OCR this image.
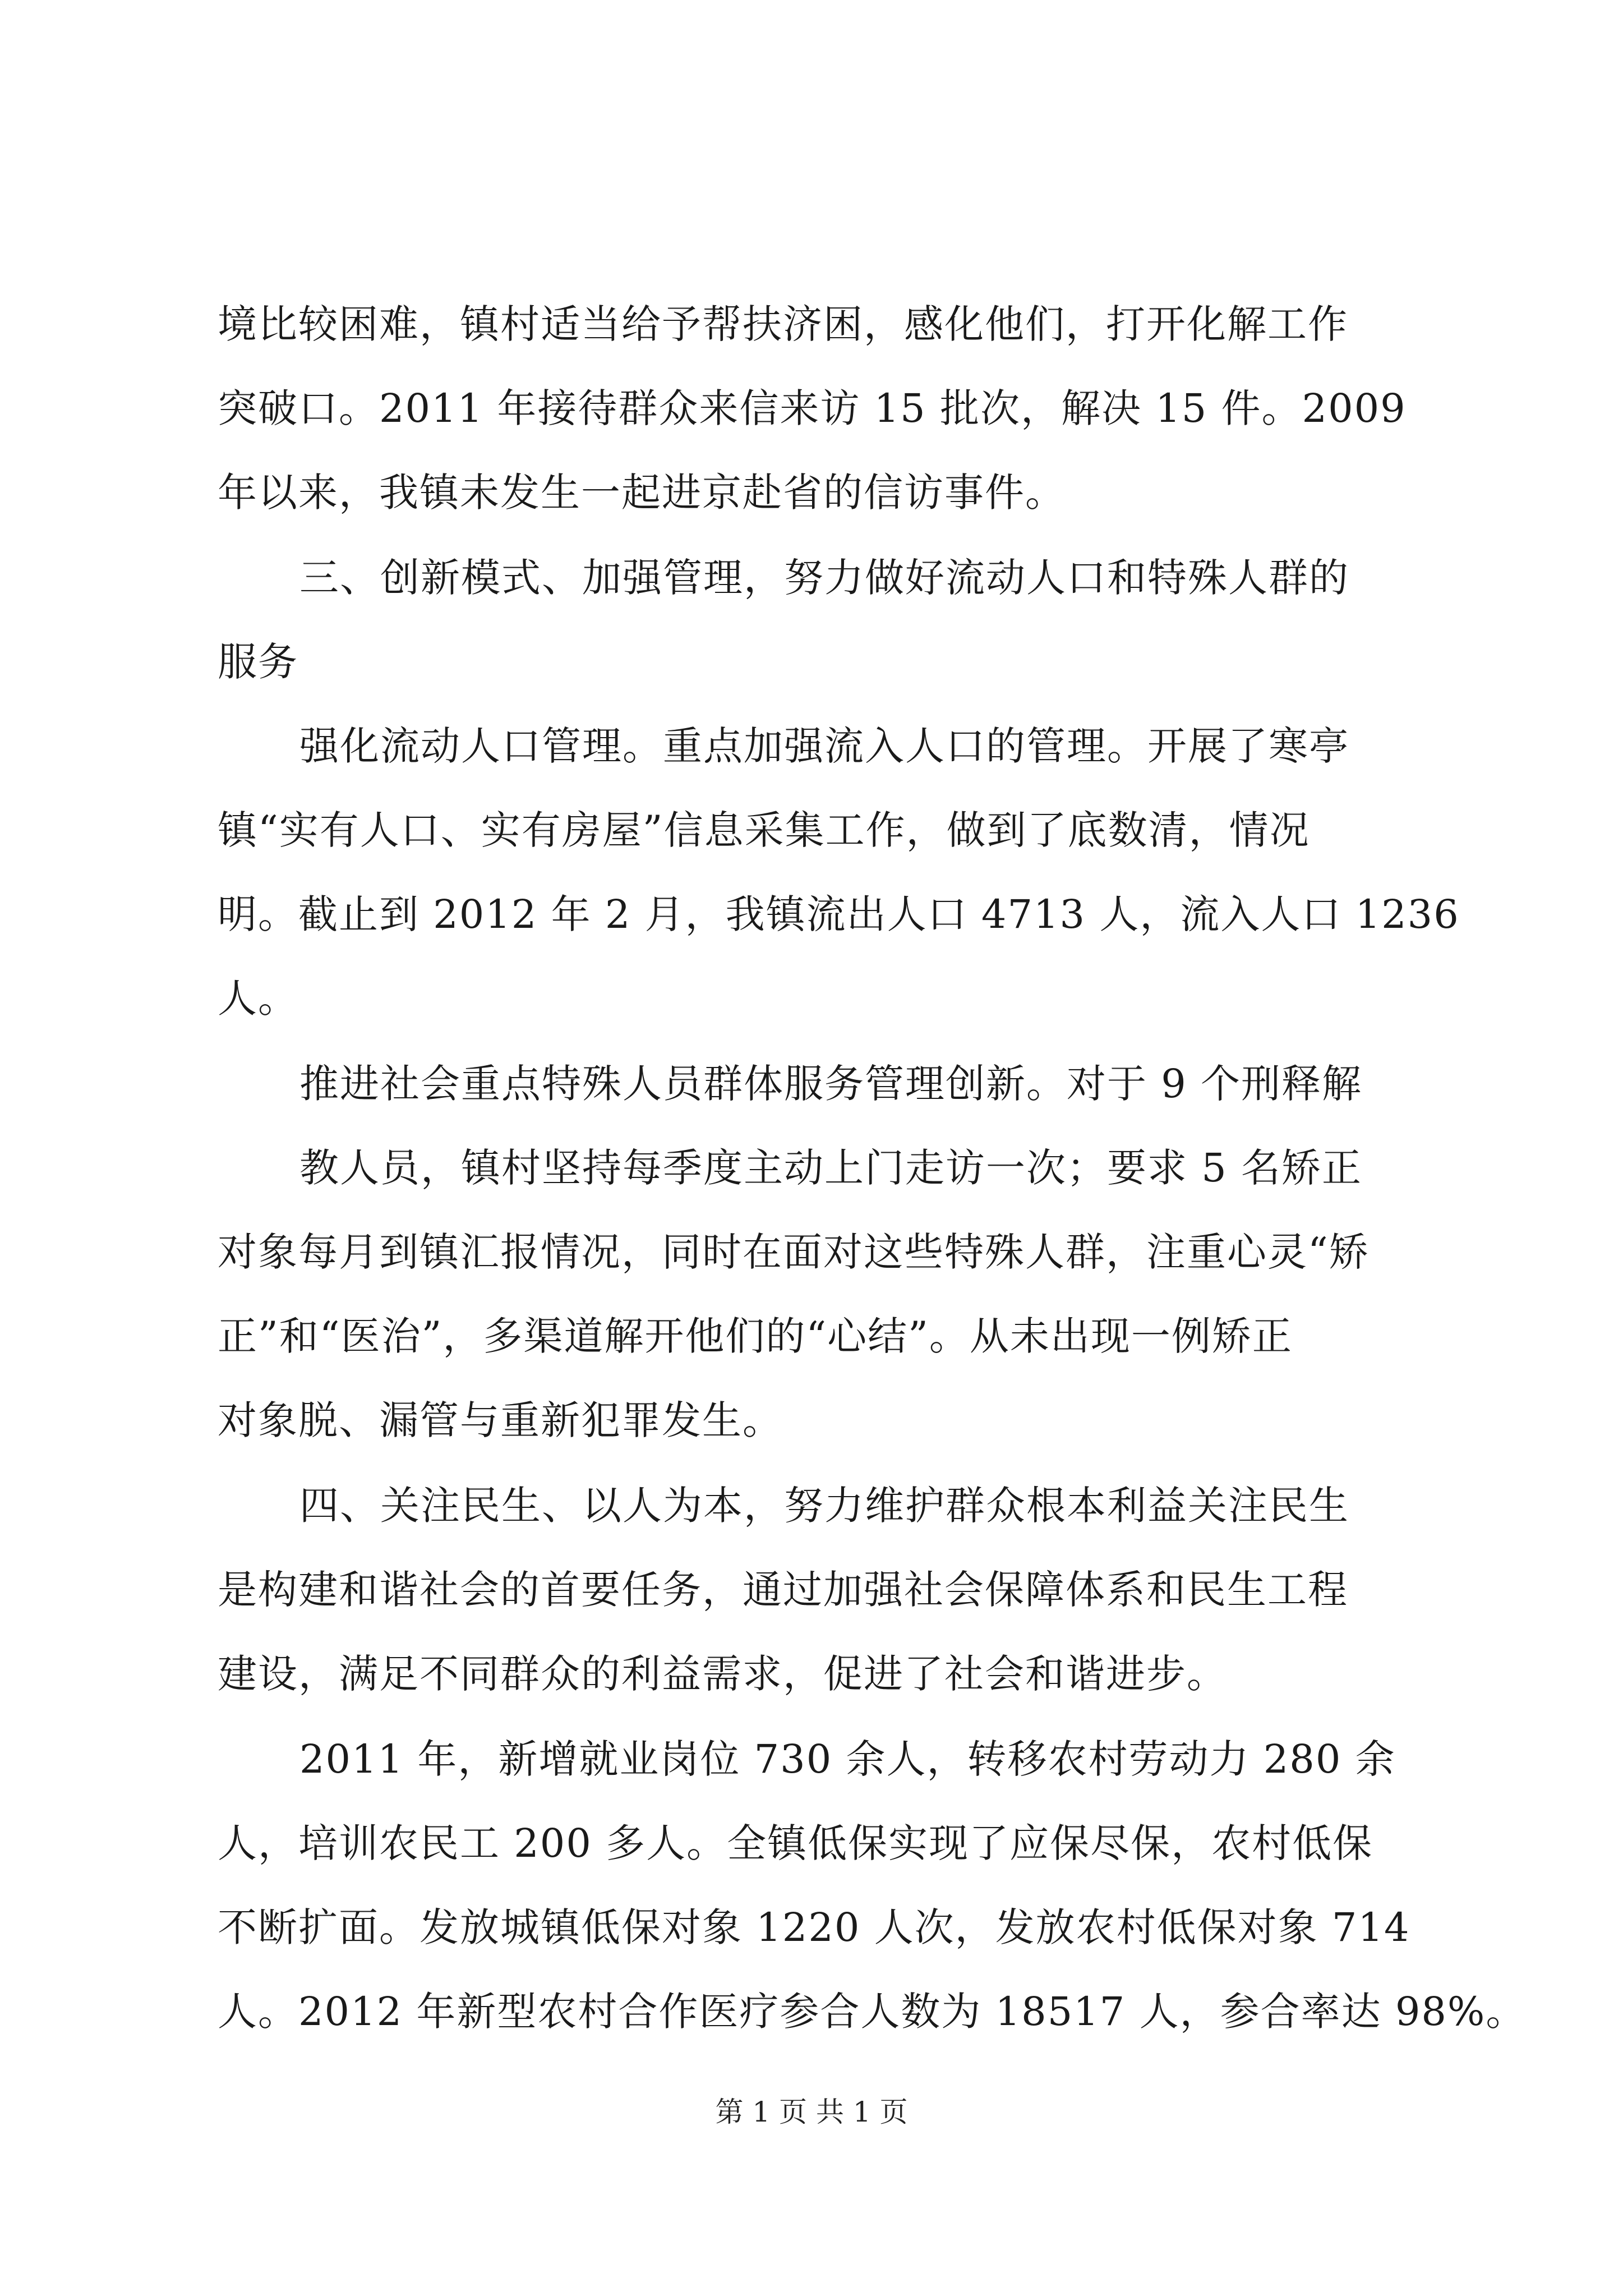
境比较困难，镇村适当给予帮扶济困，感化他们，打开化解工作
突破口。2011 年接待群众来信来访 15 批次，解决 15 件。2009
年以来，我镇未发生一起进京赴省的信访事件。
三、创新模式、加强管理，努力做好流动人口和特殊人群的
服务
强化流动人口管理。重点加强流入人口的管理。开展了寒亭
镇“实有人口、实有房屋”信息采集工作，做到了底数清，情况
明。截止到 2012 年 2 月，我镇流出人口 4713 人，流入人口 1236
人。
推进社会重点特殊人员群体服务管理创新。对于 9 个刑释解
教人员，镇村坚持每季度主动上门走访一次；要求 5 名矫正
对象每月到镇汇报情况，同时在面对这些特殊人群，注重心灵“矫
正”和“医治”，多渠道解开他们的“心结”。从未出现一例矫正
对象脱、漏管与重新犯罪发生。
四、关注民生、以人为本，努力维护群众根本利益关注民生
是构建和谐社会的首要任务，通过加强社会保障体系和民生工程
建设，满足不同群众的利益需求，促进了社会和谐进步。
2011 年，新增就业岗位 730 余人，转移农村劳动力 280 余
人，培训农民工 200 多人。全镇低保实现了应保尽保，农村低保
不断扩面。发放城镇低保对象 1220 人次，发放农村低保对象 714
人。2012 年新型农村合作医疗参合人数为 18517 人，参合率达 98%。
第 1 页 共 1 页
